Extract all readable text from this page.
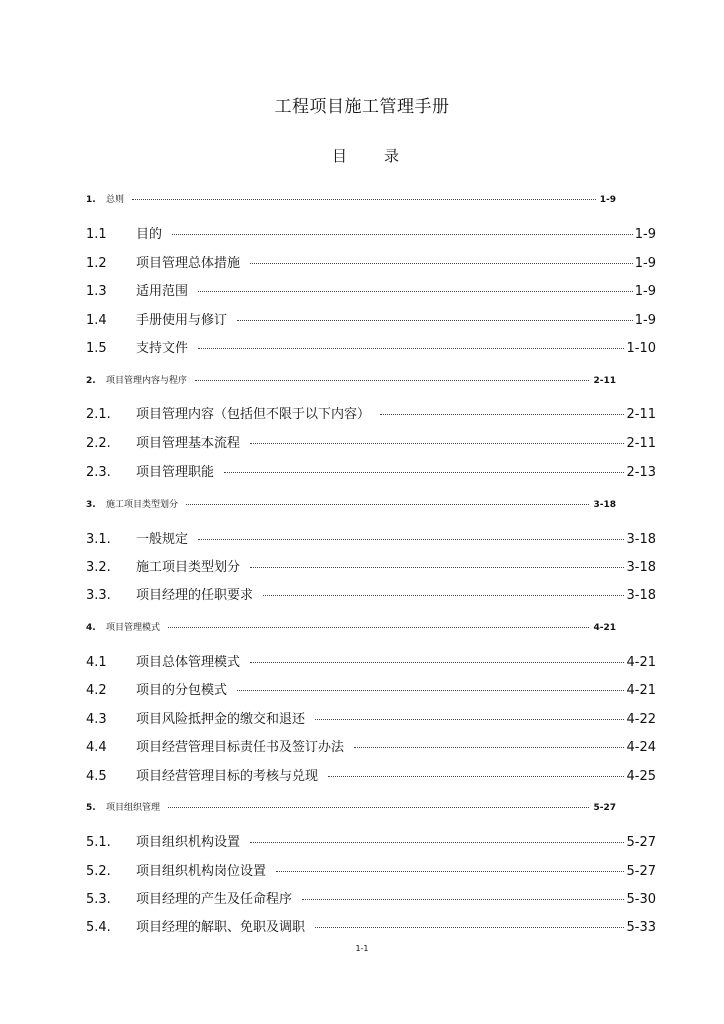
工程项目施工管理手册
目 录
1.	总则	1-9
1.1	目的	1-9
1.2	项目管理总体措施	1-9
1.3	适用范围	1-9
1.4	手册使用与修订	1-9
1.5	支持文件	1-10
2.	项目管理内容与程序	2-11
2.1.	项目管理内容（包括但不限于以下内容）	2-11
2.2.	项目管理基本流程	2-11
2.3.	项目管理职能	2-13
3.	施工项目类型划分	3-18
3.1.	一般规定	3-18
3.2.	施工项目类型划分	3-18
3.3.	项目经理的任职要求	3-18
4.	项目管理模式	4-21
4.1	项目总体管理模式	4-21
4.2	项目的分包模式	4-21
4.3	项目风险抵押金的缴交和退还	4-22
4.4	项目经营管理目标责任书及签订办法	4-24
4.5	项目经营管理目标的考核与兑现	4-25
5.	项目组织管理	5-27
5.1.	项目组织机构设置	5-27
5.2.	项目组织机构岗位设置	5-27
5.3.	项目经理的产生及任命程序	5-30
5.4.	项目经理的解职、免职及调职	5-33
1-1
